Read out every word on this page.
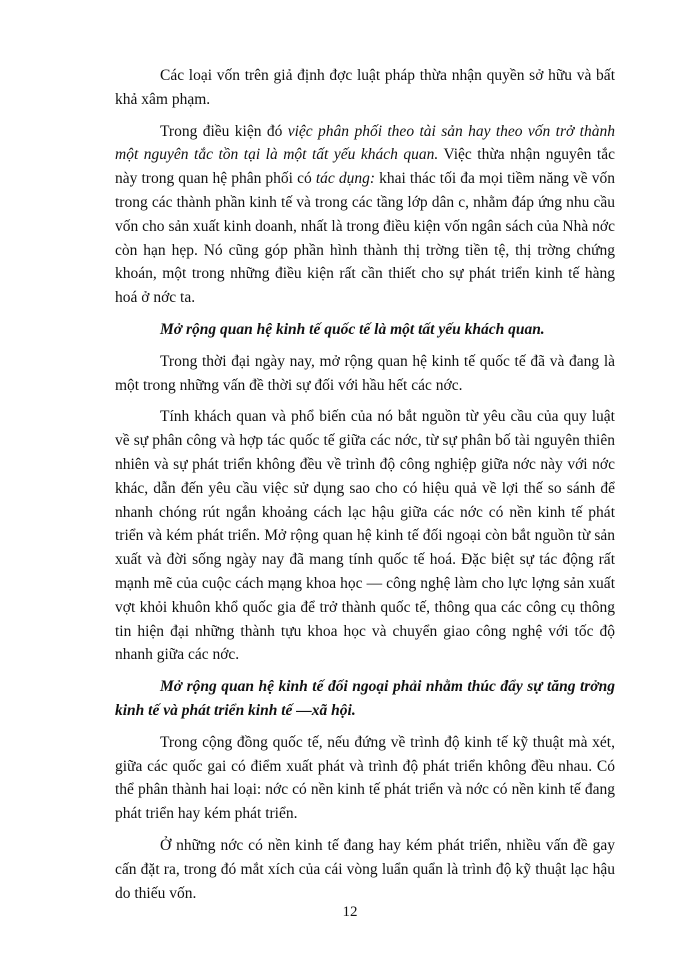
Các loại vốn trên giả định đợc luật pháp thừa nhận quyền sở hữu và bất khả xâm phạm.

Trong điều kiện đó việc phân phối theo tài sản hay theo vốn trở thành một nguyên tắc tồn tại là một tất yếu khách quan. Việc thừa nhận nguyên tắc này trong quan hệ phân phối có tác dụng: khai thác tối đa mọi tiềm năng về vốn trong các thành phần kinh tế và trong các tầng lớp dân c, nhằm đáp ứng nhu cầu vốn cho sản xuất kinh doanh, nhất là trong điều kiện vốn ngân sách của Nhà nớc còn hạn hẹp. Nó cũng góp phần hình thành thị trờng tiền tệ, thị trờng chứng khoán, một trong những điều kiện rất cần thiết cho sự phát triển kinh tế hàng hoá ở nớc ta.

Mở rộng quan hệ kinh tế quốc tế là một tất yếu khách quan.

Trong thời đại ngày nay, mở rộng quan hệ kinh tế quốc tế đã và đang là một trong những vấn đề thời sự đối với hầu hết các nớc.

Tính khách quan và phổ biến của nó bắt nguồn từ yêu cầu của quy luật về sự phân công và hợp tác quốc tế giữa các nớc, từ sự phân bố tài nguyên thiên nhiên và sự phát triển không đều về trình độ công nghiệp giữa nớc này với nớc khác, dẫn đến yêu cầu việc sử dụng sao cho có hiệu quả về lợi thế so sánh để nhanh chóng rút ngắn khoảng cách lạc hậu giữa các nớc có nền kinh tế phát triển và kém phát triển. Mở rộng quan hệ kinh tế đối ngoại còn bắt nguồn từ sản xuất và đời sống ngày nay đã mang tính quốc tế hoá. Đặc biệt sự tác động rất mạnh mẽ của cuộc cách mạng khoa học — công nghệ làm cho lực lợng sản xuất vợt khỏi khuôn khổ quốc gia để trở thành quốc tế, thông qua các công cụ thông tin hiện đại những thành tựu khoa học và chuyển giao công nghệ với tốc độ nhanh giữa các nớc.

Mở rộng quan hệ kinh tế đối ngoại phải nhằm thúc đẩy sự tăng trởng kinh tế và phát triển kinh tế —xã hội.

Trong cộng đồng quốc tế, nếu đứng về trình độ kinh tế kỹ thuật mà xét, giữa các quốc gai có điểm xuất phát và trình độ phát triển không đều nhau. Có thể phân thành hai loại: nớc có nền kinh tế phát triển và nớc có nền kinh tế đang phát triển hay kém phát triển.

Ở những nớc có nền kinh tế đang hay kém phát triển, nhiều vấn đề gay cấn đặt ra, trong đó mắt xích của cái vòng luẩn quẩn là trình độ kỹ thuật lạc hậu do thiếu vốn.

12
